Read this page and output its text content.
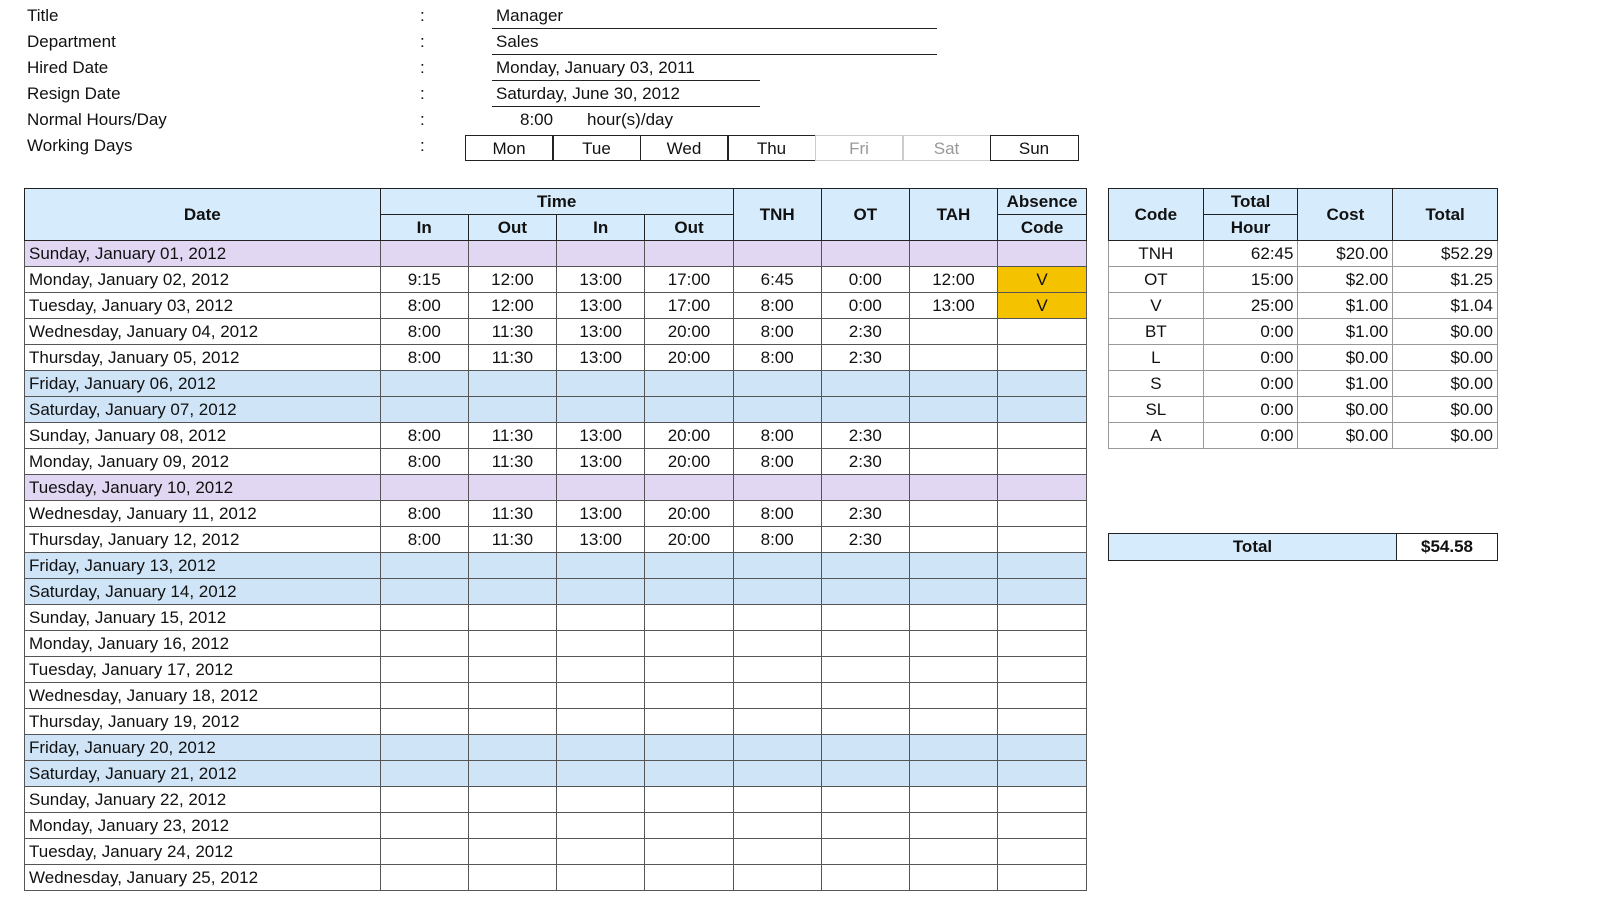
Title	:	Manager
Department	:	Sales
Hired Date	:	Monday, January 03, 2011
Resign Date	:	Saturday, June 30, 2012
Normal Hours/Day	:	8:00 hour(s)/day
Working Days	:	Mon	Tue	Wed	Thu	Fri	Sat	Sun
Date	Time				TNH	OT	TAH	Absence
	In	Out	In	Out				Code
Sunday, January 01, 2012								
Monday, January 02, 2012	9:15	12:00	13:00	17:00	6:45	0:00	12:00	V
Tuesday, January 03, 2012	8:00	12:00	13:00	17:00	8:00	0:00	13:00	V
Wednesday, January 04, 2012	8:00	11:30	13:00	20:00	8:00	2:30		
Thursday, January 05, 2012	8:00	11:30	13:00	20:00	8:00	2:30		
Friday, January 06, 2012								
Saturday, January 07, 2012								
Sunday, January 08, 2012	8:00	11:30	13:00	20:00	8:00	2:30		
Monday, January 09, 2012	8:00	11:30	13:00	20:00	8:00	2:30		
Tuesday, January 10, 2012								
Wednesday, January 11, 2012	8:00	11:30	13:00	20:00	8:00	2:30		
Thursday, January 12, 2012	8:00	11:30	13:00	20:00	8:00	2:30		
Friday, January 13, 2012								
Saturday, January 14, 2012								
Sunday, January 15, 2012								
Monday, January 16, 2012								
Tuesday, January 17, 2012								
Wednesday, January 18, 2012								
Thursday, January 19, 2012								
Friday, January 20, 2012								
Saturday, January 21, 2012								
Sunday, January 22, 2012								
Monday, January 23, 2012								
Tuesday, January 24, 2012								
Wednesday, January 25, 2012								
Code	Total	Cost	Total
	Hour		
TNH	62:45	$20.00	$52.29
OT	15:00	$2.00	$1.25
V	25:00	$1.00	$1.04
BT	0:00	$1.00	$0.00
L	0:00	$0.00	$0.00
S	0:00	$1.00	$0.00
SL	0:00	$0.00	$0.00
A	0:00	$0.00	$0.00
Total	$54.58
